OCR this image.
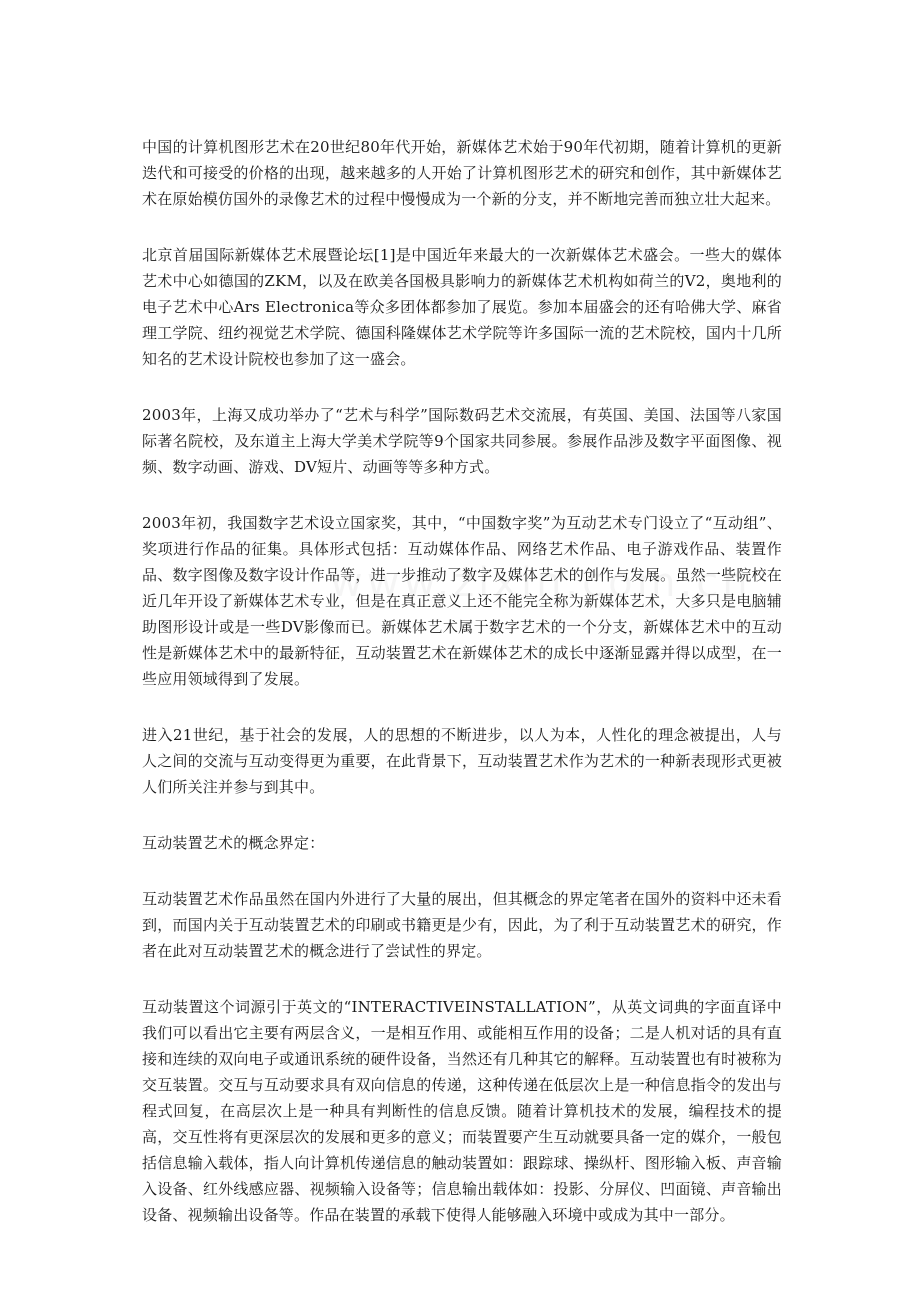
中国的计算机图形艺术在20世纪80年代开始，新媒体艺术始于90年代初期，随着计算机的更新迭代和可接受的价格的出现，越来越多的人开始了计算机图形艺术的研究和创作，其中新媒体艺术在原始模仿国外的录像艺术的过程中慢慢成为一个新的分支，并不断地完善而独立壮大起来。

北京首届国际新媒体艺术展暨论坛[1]是中国近年来最大的一次新媒体艺术盛会。一些大的媒体艺术中心如德国的ZKM，以及在欧美各国极具影响力的新媒体艺术机构如荷兰的V2，奥地利的电子艺术中心Ars Electronica等众多团体都参加了展览。参加本届盛会的还有哈佛大学、麻省理工学院、纽约视觉艺术学院、德国科隆媒体艺术学院等许多国际一流的艺术院校，国内十几所知名的艺术设计院校也参加了这一盛会。

2003年，上海又成功举办了“艺术与科学”国际数码艺术交流展，有英国、美国、法国等八家国际著名院校，及东道主上海大学美术学院等9个国家共同参展。参展作品涉及数字平面图像、视频、数字动画、游戏、DV短片、动画等等多种方式。

2003年初，我国数字艺术设立国家奖，其中，“中国数字奖”为互动艺术专门设立了“互动组”、奖项进行作品的征集。具体形式包括：互动媒体作品、网络艺术作品、电子游戏作品、装置作品、数字图像及数字设计作品等，进一步推动了数字及媒体艺术的创作与发展。虽然一些院校在近几年开设了新媒体艺术专业，但是在真正意义上还不能完全称为新媒体艺术，大多只是电脑辅助图形设计或是一些DV影像而已。新媒体艺术属于数字艺术的一个分支，新媒体艺术中的互动性是新媒体艺术中的最新特征，互动装置艺术在新媒体艺术的成长中逐渐显露并得以成型，在一些应用领域得到了发展。

进入21世纪，基于社会的发展，人的思想的不断进步，以人为本，人性化的理念被提出，人与人之间的交流与互动变得更为重要，在此背景下，互动装置艺术作为艺术的一种新表现形式更被人们所关注并参与到其中。

互动装置艺术的概念界定：

互动装置艺术作品虽然在国内外进行了大量的展出，但其概念的界定笔者在国外的资料中还未看到，而国内关于互动装置艺术的印刷或书籍更是少有，因此，为了利于互动装置艺术的研究，作者在此对互动装置艺术的概念进行了尝试性的界定。

互动装置这个词源引于英文的“INTERACTIVEINSTALLATION”，从英文词典的字面直译中我们可以看出它主要有两层含义，一是相互作用、或能相互作用的设备；二是人机对话的具有直接和连续的双向电子或通讯系统的硬件设备，当然还有几种其它的解释。互动装置也有时被称为交互装置。交互与互动要求具有双向信息的传递，这种传递在低层次上是一种信息指令的发出与程式回复，在高层次上是一种具有判断性的信息反馈。随着计算机技术的发展，编程技术的提高，交互性将有更深层次的发展和更多的意义；而装置要产生互动就要具备一定的媒介，一般包括信息输入载体，指人向计算机传递信息的触动装置如：跟踪球、操纵杆、图形输入板、声音输入设备、红外线感应器、视频输入设备等；信息输出载体如：投影、分屏仪、凹面镜、声音输出设备、视频输出设备等。作品在装置的承载下使得人能够融入环境中或成为其中一部分。
